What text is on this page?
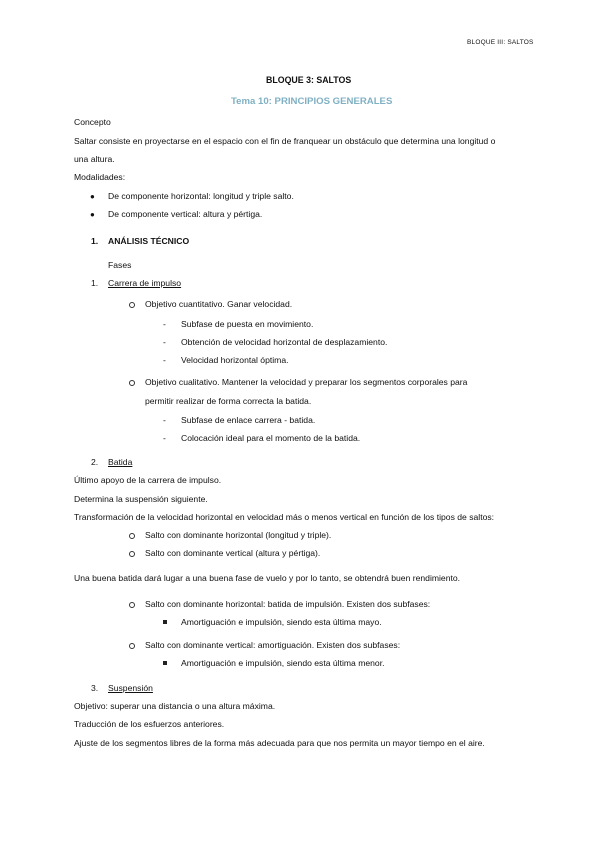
BLOQUE III: SALTOS
BLOQUE 3: SALTOS
Tema 10: PRINCIPIOS GENERALES
Concepto
Saltar consiste en proyectarse en el espacio con el fin de franquear un obstáculo que determina una longitud o
una altura.
Modalidades:
● De componente horizontal: longitud y triple salto.
● De componente vertical: altura y pértiga.
1. ANÁLISIS TÉCNICO
Fases
1. Carrera de impulso
Objetivo cuantitativo. Ganar velocidad.
- Subfase de puesta en movimiento.
- Obtención de velocidad horizontal de desplazamiento.
- Velocidad horizontal óptima.
Objetivo cualitativo. Mantener la velocidad y preparar los segmentos corporales para
permitir realizar de forma correcta la batida.
- Subfase de enlace carrera - batida.
- Colocación ideal para el momento de la batida.
2. Batida
Último apoyo de la carrera de impulso.
Determina la suspensión siguiente.
Transformación de la velocidad horizontal en velocidad más o menos vertical en función de los tipos de saltos:
Salto con dominante horizontal (longitud y triple).
Salto con dominante vertical (altura y pértiga).
Una buena batida dará lugar a una buena fase de vuelo y por lo tanto, se obtendrá buen rendimiento.
Salto con dominante horizontal: batida de impulsión. Existen dos subfases:
Amortiguación e impulsión, siendo esta última mayo.
Salto con dominante vertical: amortiguación. Existen dos subfases:
Amortiguación e impulsión, siendo esta última menor.
3. Suspensión
Objetivo: superar una distancia o una altura máxima.
Traducción de los esfuerzos anteriores.
Ajuste de los segmentos libres de la forma más adecuada para que nos permita un mayor tiempo en el aire.
